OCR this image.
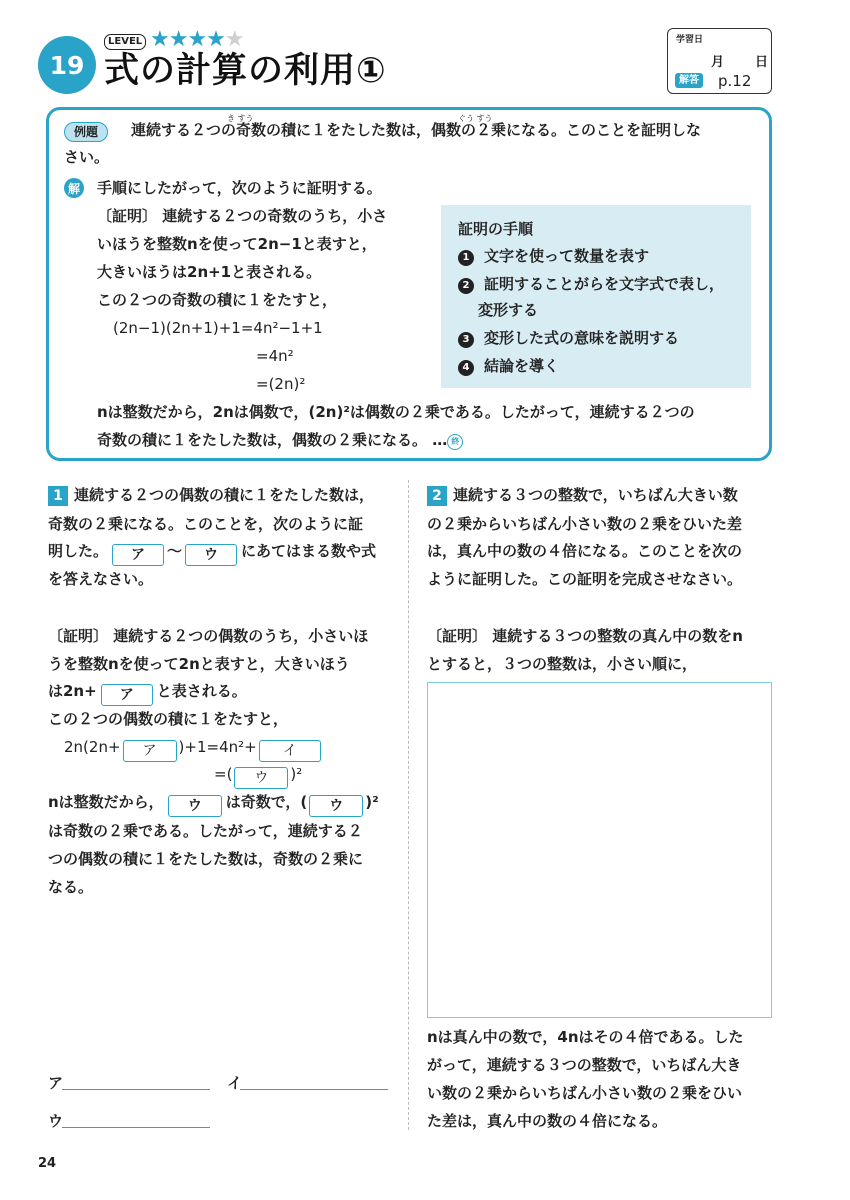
19
LEVEL ★★★★★
式の計算の利用①
学習日
月 日
解答 p.12
例題
き すう	ぐう すう
連続する２つの奇数の積に１をたした数は，偶数の２乗になる。このことを証明しな
さい。
解 手順にしたがって，次のように証明する。
〔証明〕 連続する２つの奇数のうち，小さ
いほうを整数nを使って2n−1と表すと，
大きいほうは2n+1と表される。
この２つの奇数の積に１をたすと，
(2n−1)(2n+1)+1=4n²−1+1
=4n²
=(2n)²
証明の手順
1 文字を使って数量を表す
2 証明することがらを文字式で表し，
変形する
3 変形した式の意味を説明する
4 結論を導く
nは整数だから，2nは偶数で，(2n)²は偶数の２乗である。したがって，連続する２つの
奇数の積に１をたした数は，偶数の２乗になる。 … 終
1 連続する２つの偶数の積に１をたした数は，
奇数の２乗になる。このことを，次のように証
明した。 ア 〜 ウ にあてはまる数や式
を答えなさい。
〔証明〕 連続する２つの偶数のうち，小さいほ
うを整数nを使って2nと表すと，大きいほう
は2n+ ア と表される。
この２つの偶数の積に１をたすと，
2n(2n+ ア )+1=4n²+ イ
=( ウ )²
nは整数だから， ウ は奇数で，( ウ )²
は奇数の２乗である。したがって，連続する２
つの偶数の積に１をたした数は，奇数の２乗に
なる。
ア	イ
ウ
2 連続する３つの整数で，いちばん大きい数
の２乗からいちばん小さい数の２乗をひいた差
は，真ん中の数の４倍になる。このことを次の
ように証明した。この証明を完成させなさい。
〔証明〕 連続する３つの整数の真ん中の数をn
とすると，３つの整数は，小さい順に，
nは真ん中の数で，4nはその４倍である。した
がって，連続する３つの整数で，いちばん大き
い数の２乗からいちばん小さい数の２乗をひい
た差は，真ん中の数の４倍になる。
24
